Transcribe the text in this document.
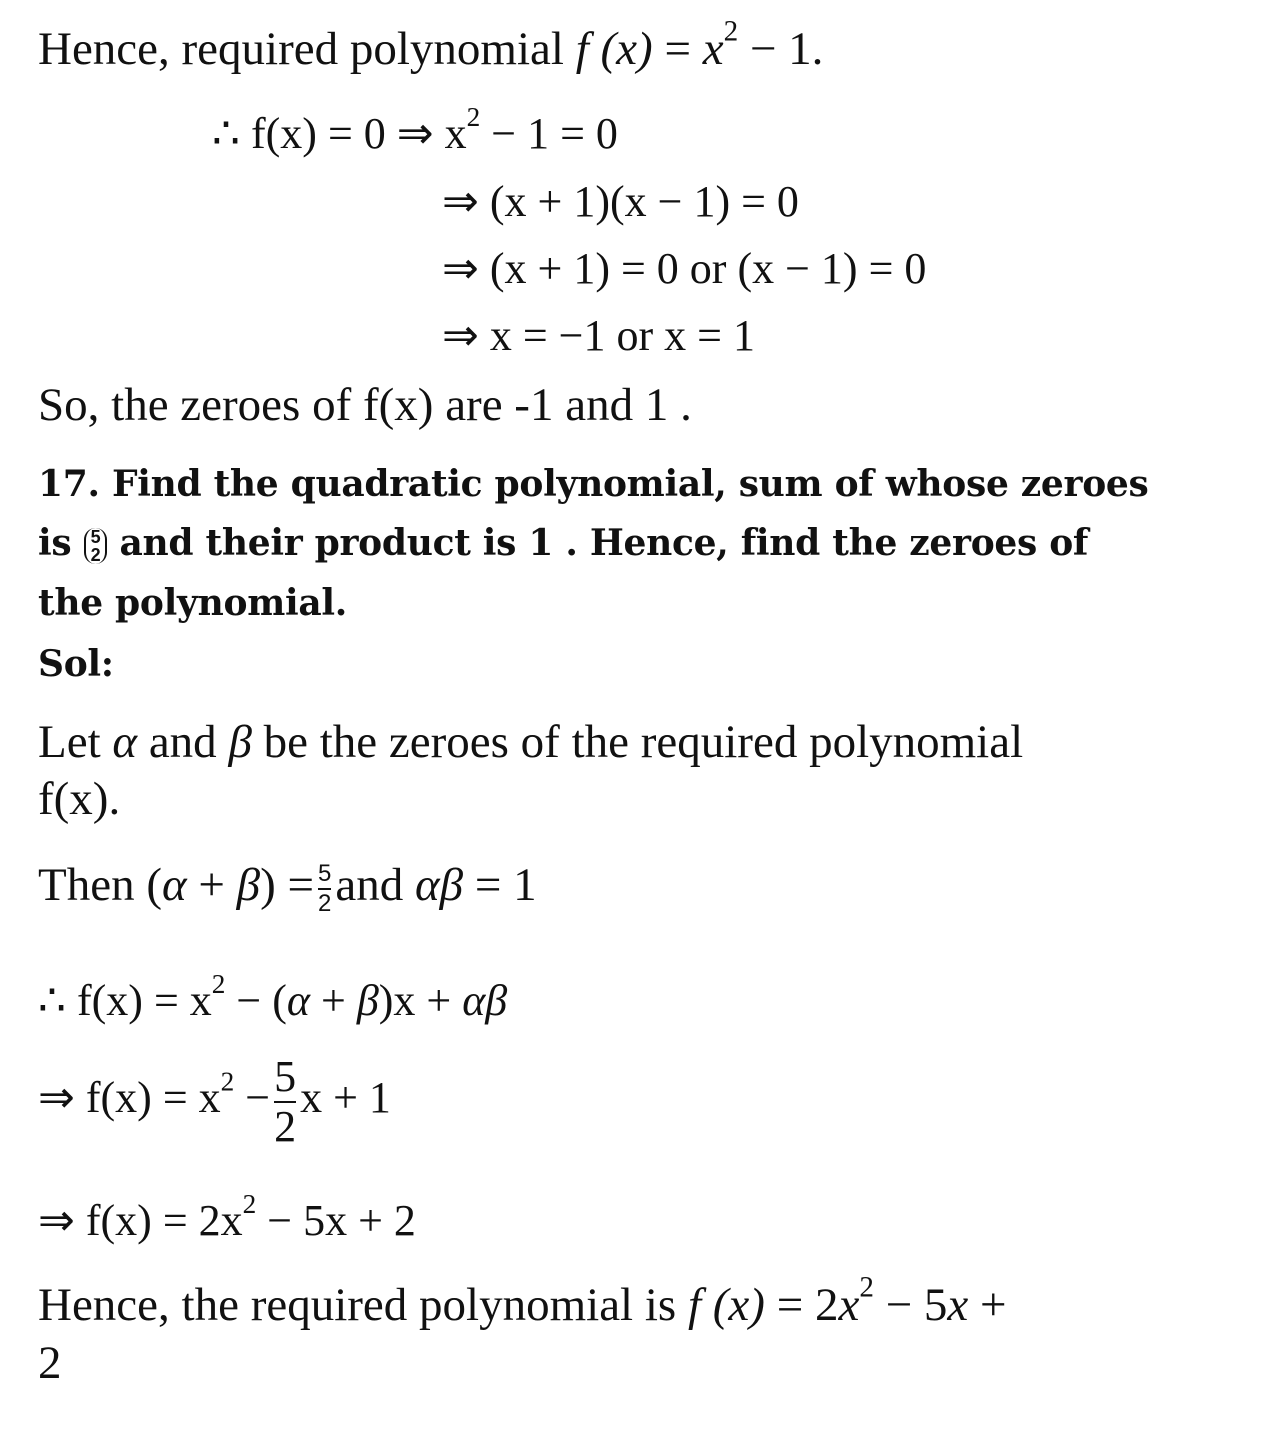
Hence, required polynomial f $(x) = x^2 - 1$.
∴ f(x) = 0 ⇒ $x^2 - 1 = 0$
⇒ (x + 1)(x − 1) = 0
⇒ (x + 1) = 0 or (x − 1) = 0
⇒ x = −1 or x = 1
So, the zeroes of f(x) are -1 and 1 .
17. Find the quadratic polynomial, sum of whose zeroes
is 5
2 and their product is 1 . Hence, find the zeroes of
the polynomial.
Sol:
Let α and β be the zeroes of the required polynomial
f(x).
Then $(\alpha + \beta) = \frac{5}{2}$ and αβ = 1
∴ $f(x) = x^2 - (\alpha + \beta)x + \alpha\beta$
⇒ $f(x) = x^2 - \frac{5}{2}$ x + 1
⇒ $f(x) = 2x^2 - 5x + 2$
Hence, the required polynomial is f $(x) = 2x^2 - 5x$ +
2
